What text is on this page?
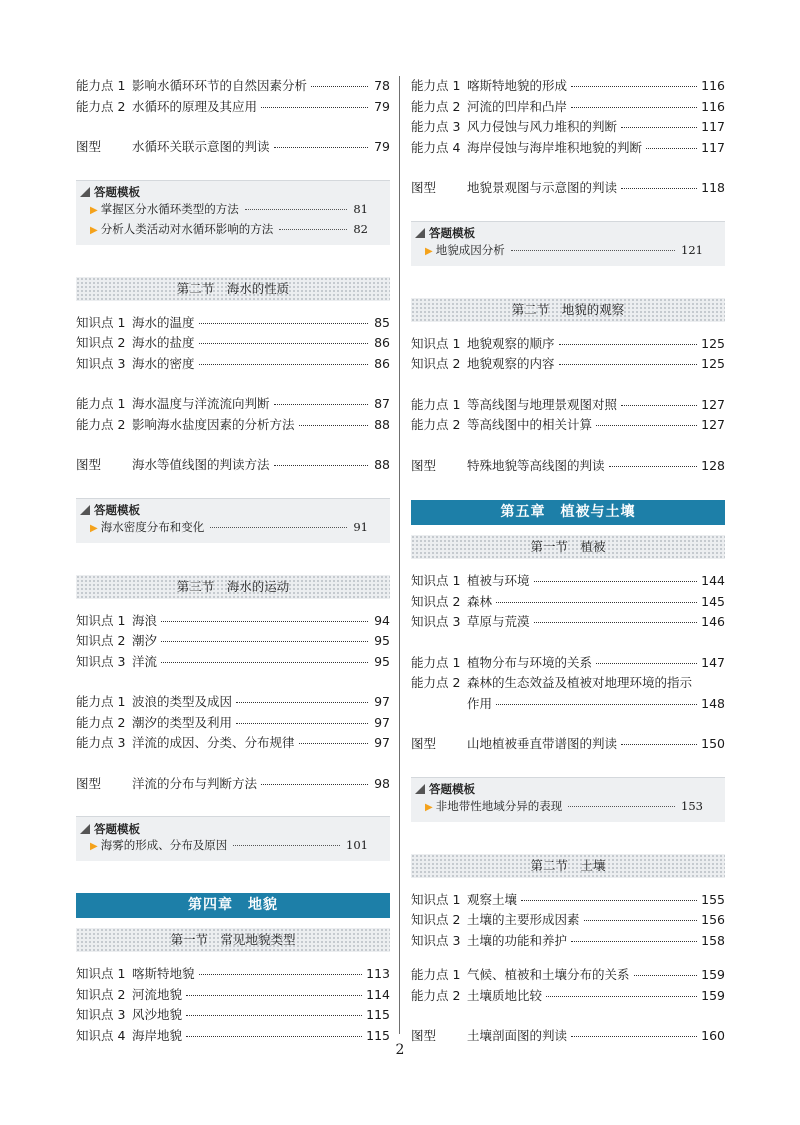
能力点 1 影响水循环环节的自然因素分析	78
能力点 2 水循环的原理及其应用	79
图型	水循环关联示意图的判读	79
答题模板
▶ 掌握区分水循环类型的方法	81
▶ 分析人类活动对水循环影响的方法	82
第二节　海水的性质
知识点 1 海水的温度	85
知识点 2 海水的盐度	86
知识点 3 海水的密度	86
能力点 1 海水温度与洋流流向判断	87
能力点 2 影响海水盐度因素的分析方法	88
图型	海水等值线图的判读方法	88
答题模板
▶ 海水密度分布和变化	91
第三节　海水的运动
知识点 1 海浪	94
知识点 2 潮汐	95
知识点 3 洋流	95
能力点 1 波浪的类型及成因	97
能力点 2 潮汐的类型及利用	97
能力点 3 洋流的成因、分类、分布规律	97
图型	洋流的分布与判断方法	98
答题模板
▶ 海雾的形成、分布及原因	101
第四章　地貌
第一节　常见地貌类型
知识点 1 喀斯特地貌	113
知识点 2 河流地貌	114
知识点 3 风沙地貌	115
知识点 4 海岸地貌	115
能力点 1 喀斯特地貌的形成	116
能力点 2 河流的凹岸和凸岸	116
能力点 3 风力侵蚀与风力堆积的判断	117
能力点 4 海岸侵蚀与海岸堆积地貌的判断	117
图型	地貌景观图与示意图的判读	118
答题模板
▶ 地貌成因分析	121
第二节　地貌的观察
知识点 1 地貌观察的顺序	125
知识点 2 地貌观察的内容	125
能力点 1 等高线图与地理景观图对照	127
能力点 2 等高线图中的相关计算	127
图型	特殊地貌等高线图的判读	128
第五章　植被与土壤
第一节　植被
知识点 1 植被与环境	144
知识点 2 森林	145
知识点 3 草原与荒漠	146
能力点 1 植物分布与环境的关系	147
能力点 2 森林的生态效益及植被对地理环境的指示
作用	148
图型	山地植被垂直带谱图的判读	150
答题模板
▶ 非地带性地域分异的表现	153
第二节　土壤
知识点 1 观察土壤	155
知识点 2 土壤的主要形成因素	156
知识点 3 土壤的功能和养护	158
能力点 1 气候、植被和土壤分布的关系	159
能力点 2 土壤质地比较	159
图型	土壤剖面图的判读	160
2
